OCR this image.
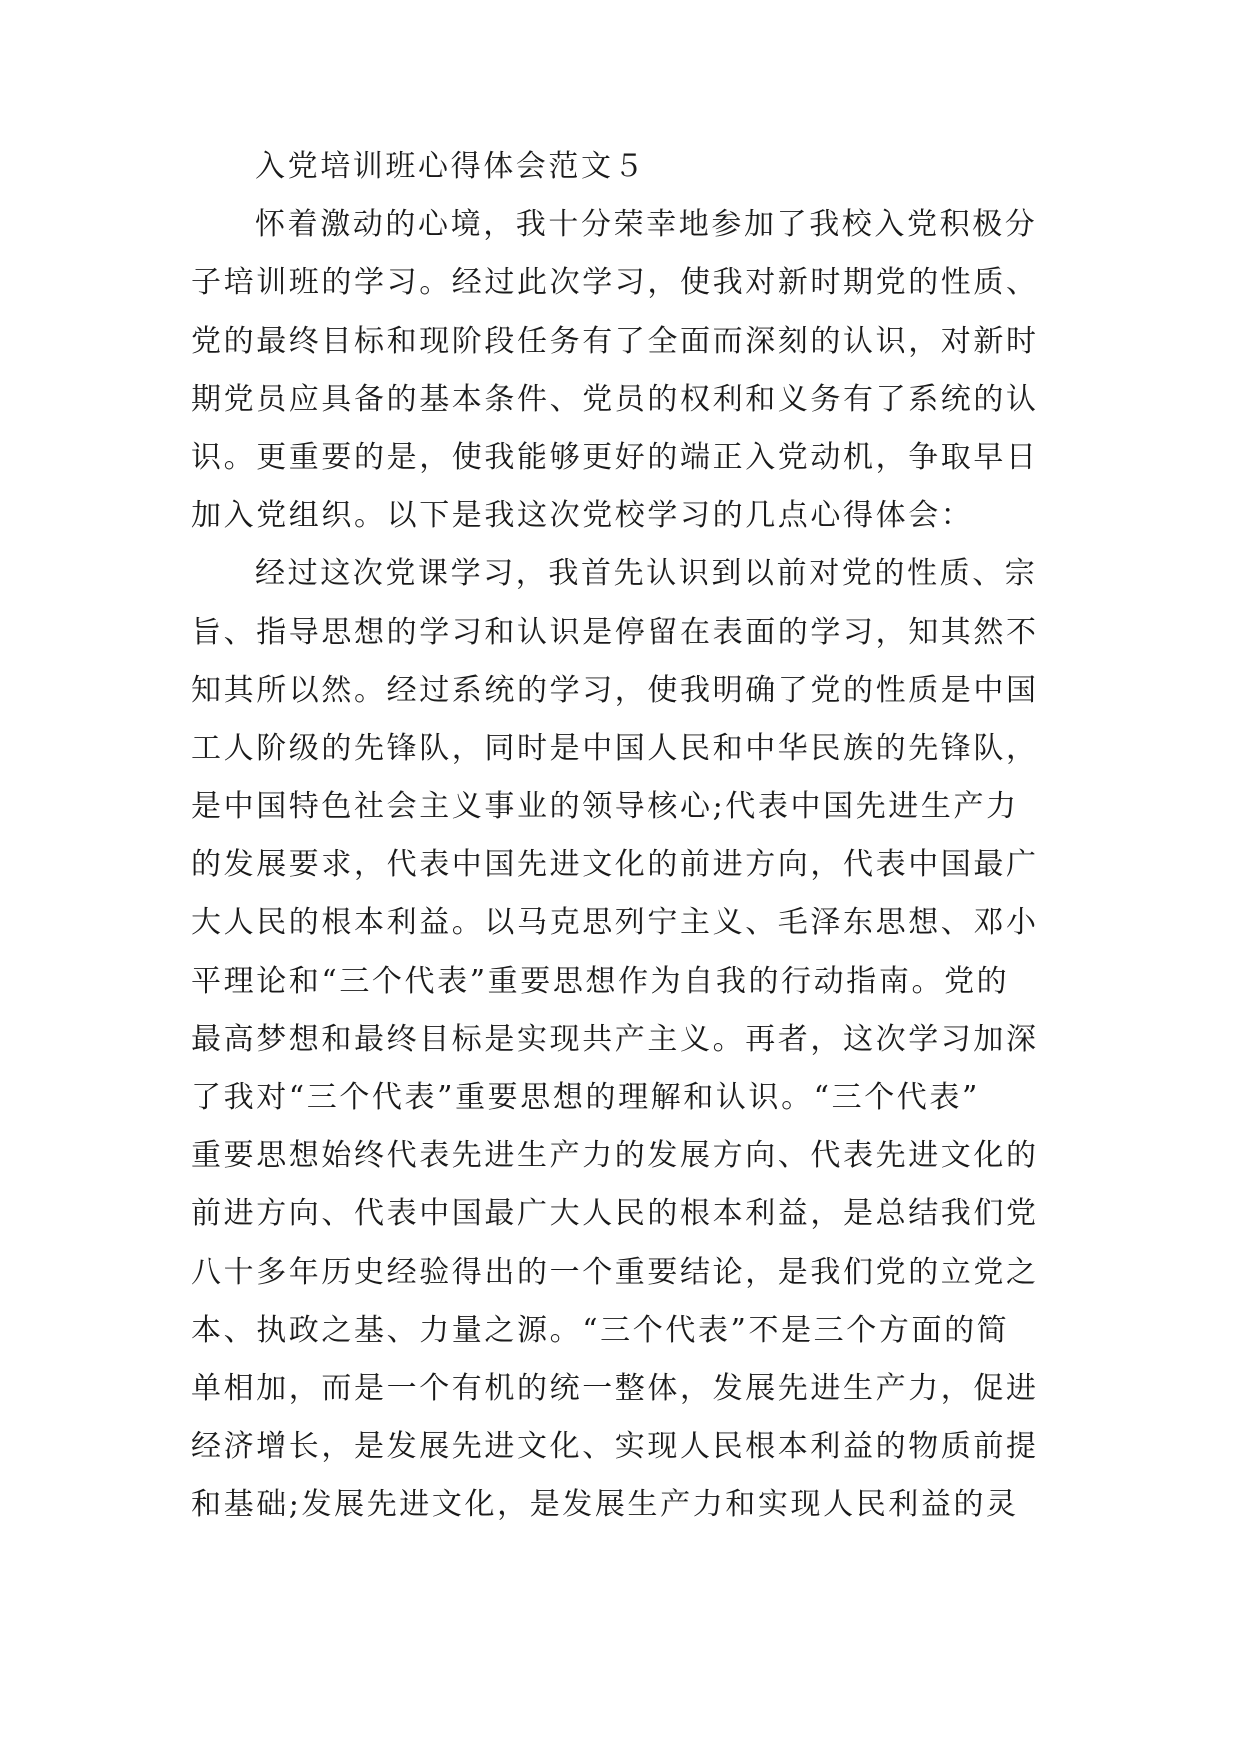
入党培训班心得体会范文５
怀着激动的心境，我十分荣幸地参加了我校入党积极分
子培训班的学习。经过此次学习，使我对新时期党的性质、
党的最终目标和现阶段任务有了全面而深刻的认识，对新时
期党员应具备的基本条件、党员的权利和义务有了系统的认
识。更重要的是，使我能够更好的端正入党动机，争取早日
加入党组织。以下是我这次党校学习的几点心得体会：
经过这次党课学习，我首先认识到以前对党的性质、宗
旨、指导思想的学习和认识是停留在表面的学习，知其然不
知其所以然。经过系统的学习，使我明确了党的性质是中国
工人阶级的先锋队，同时是中国人民和中华民族的先锋队，
是中国特色社会主义事业的领导核心;代表中国先进生产力
的发展要求，代表中国先进文化的前进方向，代表中国最广
大人民的根本利益。以马克思列宁主义、毛泽东思想、邓小
平理论和“三个代表”重要思想作为自我的行动指南。党的
最高梦想和最终目标是实现共产主义。再者，这次学习加深
了我对“三个代表”重要思想的理解和认识。“三个代表”
重要思想始终代表先进生产力的发展方向、代表先进文化的
前进方向、代表中国最广大人民的根本利益，是总结我们党
八十多年历史经验得出的一个重要结论，是我们党的立党之
本、执政之基、力量之源。“三个代表”不是三个方面的简
单相加，而是一个有机的统一整体，发展先进生产力，促进
经济增长，是发展先进文化、实现人民根本利益的物质前提
和基础;发展先进文化，是发展生产力和实现人民利益的灵
